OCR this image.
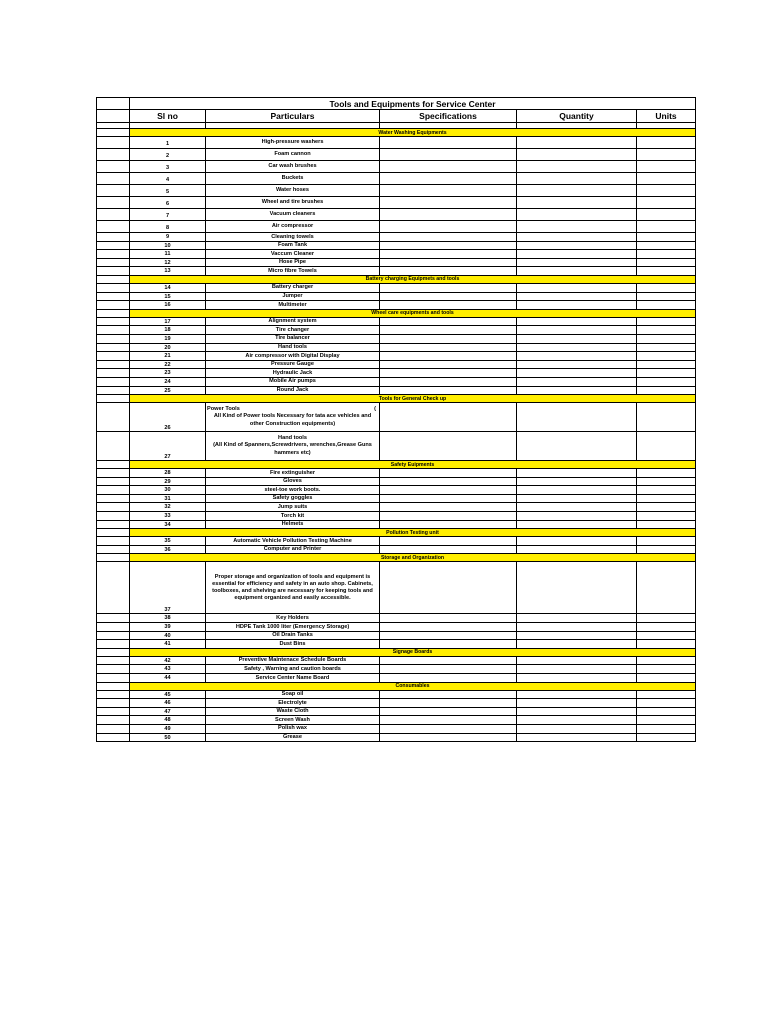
	Tools and Equipments for Service Center				
	Sl no	Particulars	Specifications	Quantity	Units

	Water Washing Equipments				
	1	High-pressure washers			
	2	Foam cannon			
	3	Car wash brushes			
	4	Buckets			
	5	Water hoses			
	6	Wheel and tire brushes			
	7	Vacuum cleaners			
	8	Air compressor			
	9	Cleaning towels			
	10	Foam Tank			
	11	Vaccum Cleaner			
	12	Hose Pipe			
	13	Micro fibre Towels			
	Battery charging Equipmets and tools				
	14	Battery charger			
	15	Jumper			
	16	Multimeter			
	Wheel care equipments and tools				
	17	Alignment system			
	18	Tire changer			
	19	Tire balancer			
	20	Hand tools			
	21	Air compressor with Digital Display			
	22	Pressure Gauge			
	23	Hydraulic Jack			
	24	Mobile Air pumps			
	25	Round Jack			
	Tools for General Check up				
	26	Power Tools (
All Kind of Power tools Necessary for tata ace vehicles and
other Construction equipments)			

	27	Hand tools
(All Kind of Spanners,Screwdrivers, wrenches,Grease Guns
hammers etc)			

	Safety Euipments				
	28	Fire extinguisher			
	29	Gloves			
	30	steel-toe work boots.			
	31	Safety goggles			
	32	Jump suits			
	33	Torch kit			
	34	Helmets			
	Pollution Testing unit				
	35	Automatic Vehicle Pollution Testing Machine			
	36	Computer and Printer			
	Storage and Organization				
	37	Proper storage and organization of tools and equipment is
essential for efficiency and safety in an auto shop. Cabinets,
toolboxes, and shelving are necessary for keeping tools and
equipment organized and easily accessible.			

	38	Key Holders			
	39	HDPE Tank 1000 liter (Emergency Storage)			
	40	Oil Drain Tanks			
	41	Dust Bins			
	Signage Boards				
	42	Preventive Maintenace Schedule Boards			
	43	Safety , Warning and caution boards			
	44	Service Center Name Board			
	Consumables				
	45	Soap oil			
	46	Electrolyte			
	47	Waste Cloth			
	48	Screen Wash			
	49	Polish wax			
	50	Grease			
